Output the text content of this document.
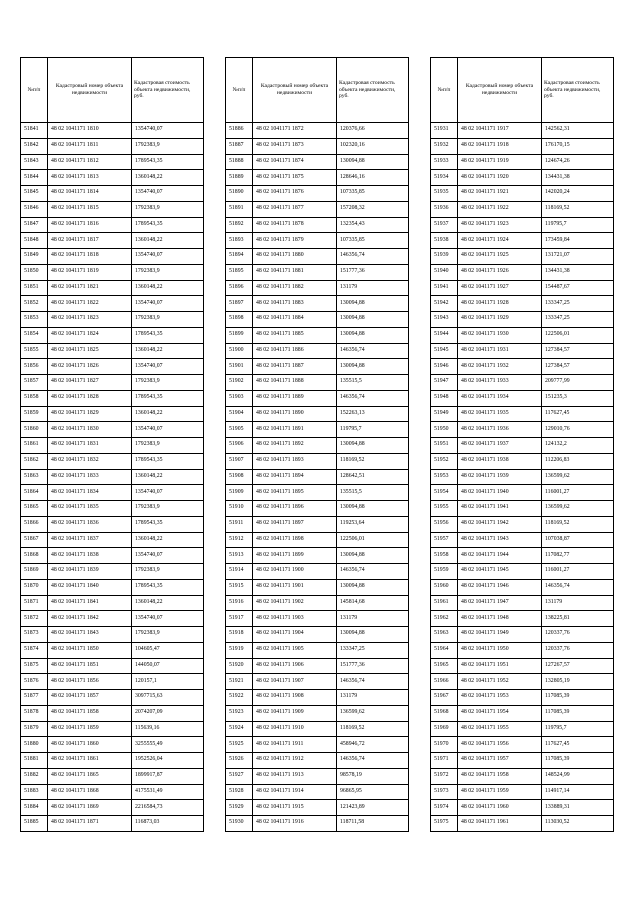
№п/п	Кадастровый номер объекта недвижимости	Кадастровая стоимость объекта недвижимости, руб.
51841	48 02 1041171 1810	1354740,07
51842	48 02 1041171 1811	1792383,9
51843	48 02 1041171 1812	1789543,35
51844	48 02 1041171 1813	1360148,22
51845	48 02 1041171 1814	1354740,07
51846	48 02 1041171 1815	1792383,9
51847	48 02 1041171 1816	1789543,35
51848	48 02 1041171 1817	1360148,22
51849	48 02 1041171 1818	1354740,07
51850	48 02 1041171 1819	1792383,9
51851	48 02 1041171 1821	1360148,22
51852	48 02 1041171 1822	1354740,07
51853	48 02 1041171 1823	1792383,9
51854	48 02 1041171 1824	1789543,35
51855	48 02 1041171 1825	1360148,22
51856	48 02 1041171 1826	1354740,07
51857	48 02 1041171 1827	1792383,9
51858	48 02 1041171 1828	1789543,35
51859	48 02 1041171 1829	1360148,22
51860	48 02 1041171 1830	1354740,07
51861	48 02 1041171 1831	1792383,9
51862	48 02 1041171 1832	1789543,35
51863	48 02 1041171 1833	1360148,22
51864	48 02 1041171 1834	1354740,07
51865	48 02 1041171 1835	1792383,9
51866	48 02 1041171 1836	1789543,35
51867	48 02 1041171 1837	1360148,22
51868	48 02 1041171 1838	1354740,07
51869	48 02 1041171 1839	1792383,9
51870	48 02 1041171 1840	1789543,35
51871	48 02 1041171 1841	1360148,22
51872	48 02 1041171 1842	1354740,07
51873	48 02 1041171 1843	1792383,9
51874	48 02 1041171 1850	104605,47
51875	48 02 1041171 1851	144050,07
51876	48 02 1041171 1856	120157,1
51877	48 02 1041171 1857	3097715,63
51878	48 02 1041171 1858	2074207,09
51879	48 02 1041171 1859	115639,16
51880	48 02 1041171 1860	3255555,49
51881	48 02 1041171 1861	1952526,04
51882	48 02 1041171 1865	1899917,87
51883	48 02 1041171 1868	4175531,49
51884	48 02 1041171 1869	2216584,73
51885	48 02 1041171 1871	116873,03
№п/п	Кадастровый номер объекта недвижимости	Кадастровая стоимость объекта недвижимости, руб.
51886	48 02 1041171 1872	120376,66
51887	48 02 1041171 1873	102320,16
51888	48 02 1041171 1874	130094,88
51889	48 02 1041171 1875	128646,16
51890	48 02 1041171 1876	107335,85
51891	48 02 1041171 1877	157208,32
51892	48 02 1041171 1878	132354,43
51893	48 02 1041171 1879	107335,85
51894	48 02 1041171 1880	146356,74
51895	48 02 1041171 1881	151777,36
51896	48 02 1041171 1882	131179
51897	48 02 1041171 1883	130094,88
51898	48 02 1041171 1884	130094,88
51899	48 02 1041171 1885	130094,88
51900	48 02 1041171 1886	146356,74
51901	48 02 1041171 1887	130094,88
51902	48 02 1041171 1888	135515,5
51903	48 02 1041171 1889	146356,74
51904	48 02 1041171 1890	152263,13
51905	48 02 1041171 1891	119795,7
51906	48 02 1041171 1892	130094,88
51907	48 02 1041171 1893	118169,52
51908	48 02 1041171 1894	128642,51
51909	48 02 1041171 1895	135515,5
51910	48 02 1041171 1896	130094,88
51911	48 02 1041171 1897	119253,64
51912	48 02 1041171 1898	122506,01
51913	48 02 1041171 1899	130094,88
51914	48 02 1041171 1900	146356,74
51915	48 02 1041171 1901	130094,88
51916	48 02 1041171 1902	145814,68
51917	48 02 1041171 1903	131179
51918	48 02 1041171 1904	130094,88
51919	48 02 1041171 1905	133347,25
51920	48 02 1041171 1906	151777,36
51921	48 02 1041171 1907	146356,74
51922	48 02 1041171 1908	131179
51923	48 02 1041171 1909	136599,62
51924	48 02 1041171 1910	118169,52
51925	48 02 1041171 1911	458946,72
51926	48 02 1041171 1912	146356,74
51927	48 02 1041171 1913	98578,19
51928	48 02 1041171 1914	96865,95
51929	48 02 1041171 1915	121423,89
51930	48 02 1041171 1916	118711,58
№п/п	Кадастровый номер объекта недвижимости	Кадастровая стоимость объекта недвижимости, руб.
51931	48 02 1041171 1917	142562,31
51932	48 02 1041171 1918	176170,15
51933	48 02 1041171 1919	124674,26
51934	48 02 1041171 1920	134431,38
51935	48 02 1041171 1921	142020,24
51936	48 02 1041171 1922	118169,52
51937	48 02 1041171 1923	119795,7
51938	48 02 1041171 1924	173459,84
51939	48 02 1041171 1925	131721,07
51940	48 02 1041171 1926	134431,38
51941	48 02 1041171 1927	154487,67
51942	48 02 1041171 1928	133347,25
51943	48 02 1041171 1929	133347,25
51944	48 02 1041171 1930	122506,01
51945	48 02 1041171 1931	127384,57
51946	48 02 1041171 1932	127384,57
51947	48 02 1041171 1933	209777,99
51948	48 02 1041171 1934	151235,3
51949	48 02 1041171 1935	117627,45
51950	48 02 1041171 1936	129010,76
51951	48 02 1041171 1937	124132,2
51952	48 02 1041171 1938	112206,83
51953	48 02 1041171 1939	136599,62
51954	48 02 1041171 1940	116001,27
51955	48 02 1041171 1941	136599,62
51956	48 02 1041171 1942	118169,52
51957	48 02 1041171 1943	107038,87
51958	48 02 1041171 1944	117082,77
51959	48 02 1041171 1945	116001,27
51960	48 02 1041171 1946	146356,74
51961	48 02 1041171 1947	131179
51962	48 02 1041171 1948	138225,81
51963	48 02 1041171 1949	120337,76
51964	48 02 1041171 1950	120337,76
51965	48 02 1041171 1951	127267,57
51966	48 02 1041171 1952	132805,19
51967	48 02 1041171 1953	117085,39
51968	48 02 1041171 1954	117085,39
51969	48 02 1041171 1955	119795,7
51970	48 02 1041171 1956	117627,45
51971	48 02 1041171 1957	117085,39
51972	48 02 1041171 1958	148524,99
51973	48 02 1041171 1959	114917,14
51974	48 02 1041171 1960	133889,31
51975	48 02 1041171 1961	113030,52
